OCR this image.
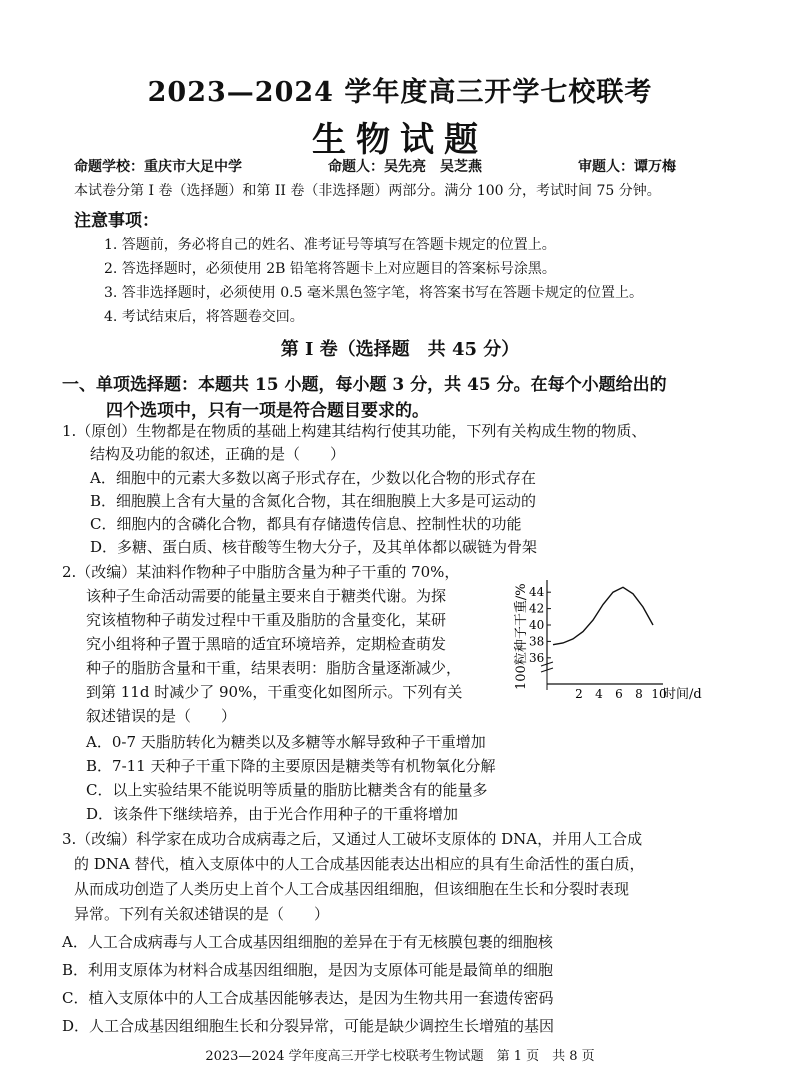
2023—2024 学年度高三开学七校联考
生物试题
命题学校：重庆市大足中学	命题人：吴先亮　吴芝燕	审题人：谭万梅
本试卷分第 I 卷（选择题）和第 II 卷（非选择题）两部分。满分 100 分，考试时间 75 分钟。
注意事项：
1. 答题前，务必将自己的姓名、准考证号等填写在答题卡规定的位置上。
2. 答选择题时，必须使用 2B 铅笔将答题卡上对应题目的答案标号涂黑。
3. 答非选择题时，必须使用 0.5 毫米黑色签字笔，将答案书写在答题卡规定的位置上。
4. 考试结束后，将答题卷交回。
第 I 卷（选择题　共 45 分）
一、单项选择题：本题共 15 小题，每小题 3 分，共 45 分。在每个小题给出的
四个选项中，只有一项是符合题目要求的。
1.（原创）生物都是在物质的基础上构建其结构行使其功能，下列有关构成生物的物质、
结构及功能的叙述，正确的是（　　）
A．细胞中的元素大多数以离子形式存在，少数以化合物的形式存在
B．细胞膜上含有大量的含氮化合物，其在细胞膜上大多是可运动的
C．细胞内的含磷化合物，都具有存储遗传信息、控制性状的功能
D．多糖、蛋白质、核苷酸等生物大分子，及其单体都以碳链为骨架
2.（改编）某油料作物种子中脂肪含量为种子干重的 70%，
该种子生命活动需要的能量主要来自于糖类代谢。为探
究该植物种子萌发过程中干重及脂肪的含量变化，某研
究小组将种子置于黑暗的适宜环境培养，定期检查萌发
种子的脂肪含量和干重，结果表明：脂肪含量逐渐减少，
到第 11d 时减少了 90%，干重变化如图所示。下列有关
叙述错误的是（　　）
A．0-7 天脂肪转化为糖类以及多糖等水解导致种子干重增加
B．7-11 天种子干重下降的主要原因是糖类等有机物氧化分解
C．以上实验结果不能说明等质量的脂肪比糖类含有的能量多
D．该条件下继续培养，由于光合作用种子的干重将增加
100粒种子干重/% 36
38
40
42
44
2 4 6 8 10
时间/d
3.（改编）科学家在成功合成病毒之后，又通过人工破坏支原体的 DNA，并用人工合成
的 DNA 替代，植入支原体中的人工合成基因能表达出相应的具有生命活性的蛋白质，
从而成功创造了人类历史上首个人工合成基因组细胞，但该细胞在生长和分裂时表现
异常。下列有关叙述错误的是（　　）
A．人工合成病毒与人工合成基因组细胞的差异在于有无核膜包裹的细胞核
B．利用支原体为材料合成基因组细胞，是因为支原体可能是最简单的细胞
C．植入支原体中的人工合成基因能够表达，是因为生物共用一套遗传密码
D．人工合成基因组细胞生长和分裂异常，可能是缺少调控生长增殖的基因
2023—2024 学年度高三开学七校联考生物试题　第 1 页　共 8 页
